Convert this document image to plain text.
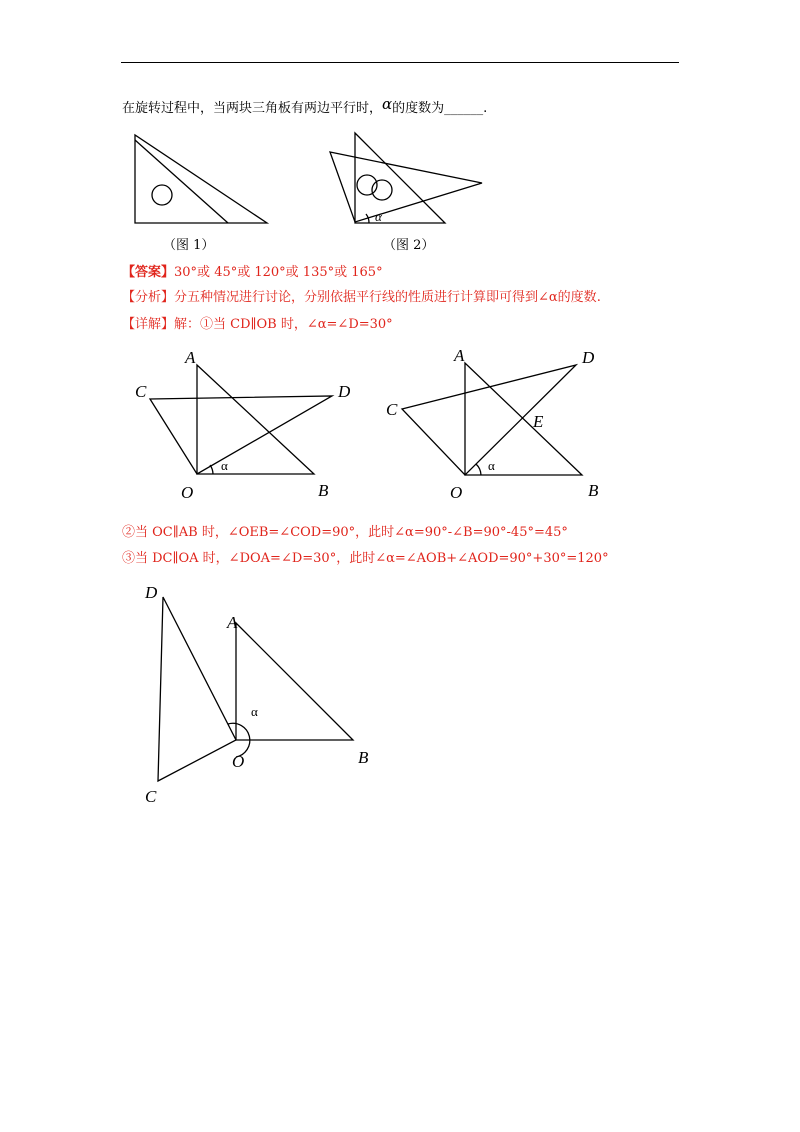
在旋转过程中，当两块三角板有两边平行时，α的度数为______.
（图 1）
α
（图 2）
【答案】30°或 45°或 120°或 135°或 165°
【分析】分五种情况进行讨论，分别依据平行线的性质进行计算即可得到∠α的度数.
【详解】解：①当 CD∥OB 时，∠α=∠D=30°
A
C	D
O	B
α
A	D
C
E
O	B
α
②当 OC∥AB 时，∠OEB=∠COD=90°，此时∠α=90°-∠B=90°-45°=45°
③当 DC∥OA 时，∠DOA=∠D=30°，此时∠α=∠AOB+∠AOD=90°+30°=120°
D
A
α
O	B
C
